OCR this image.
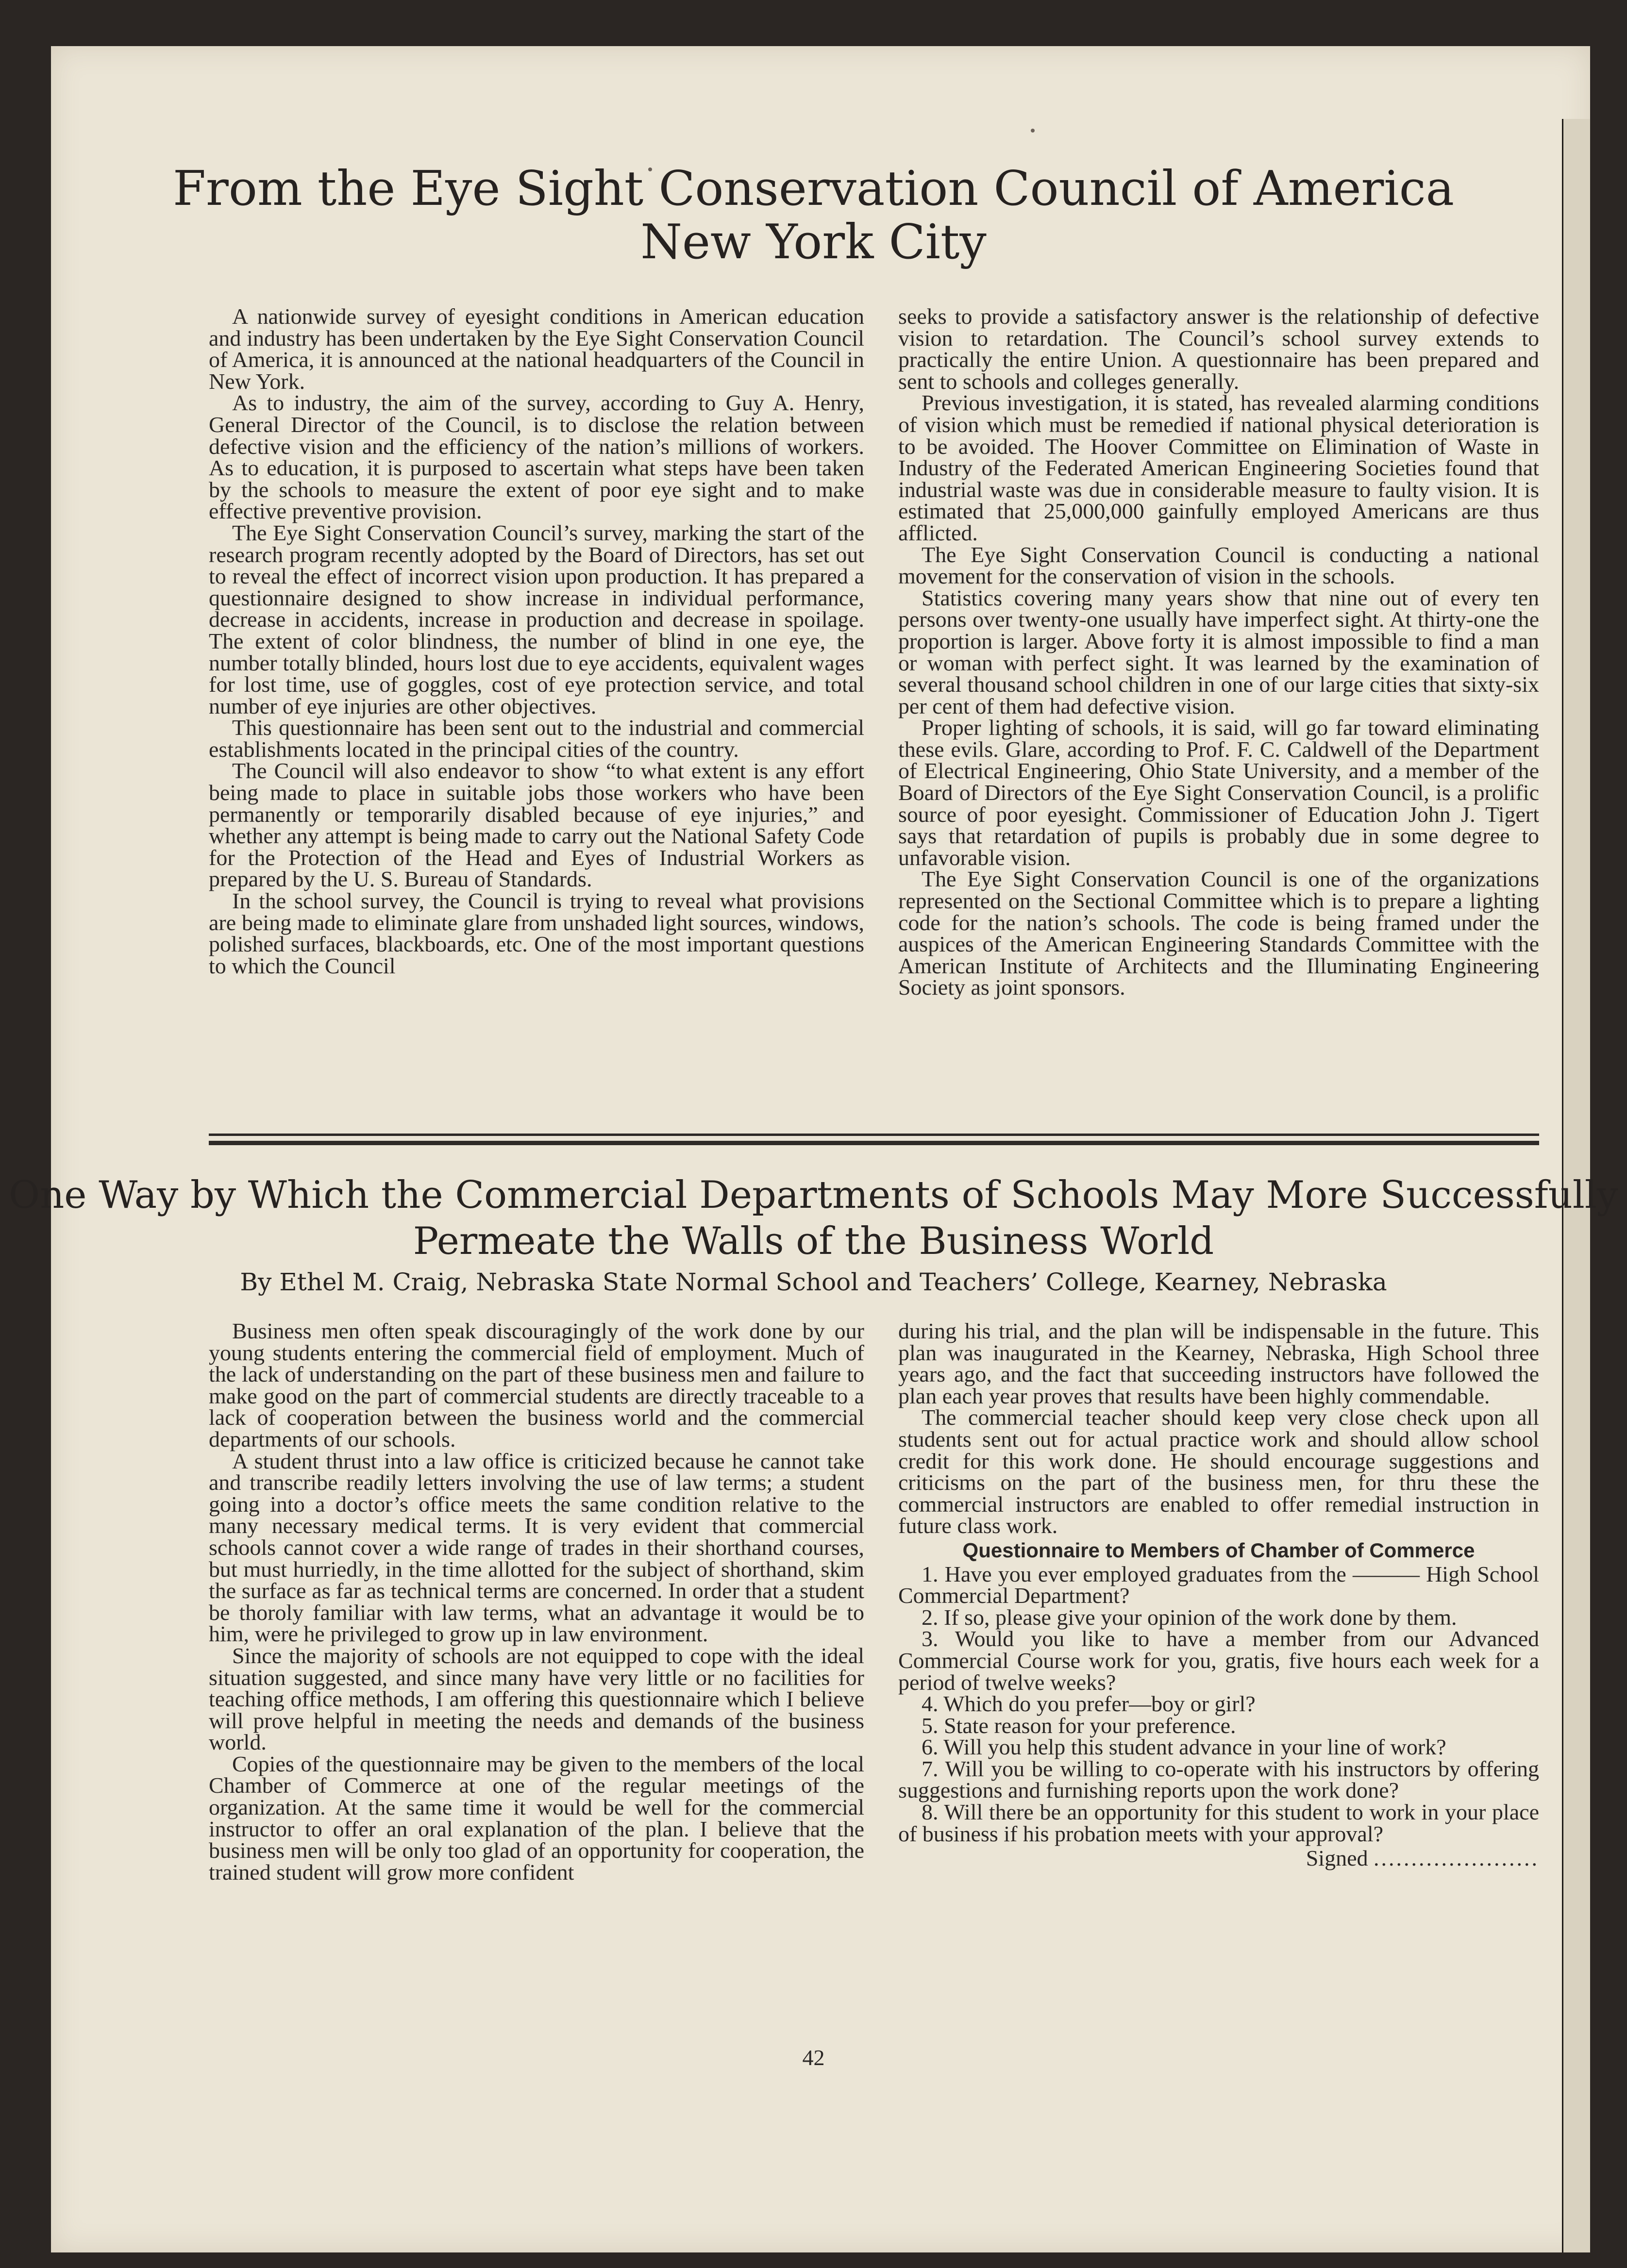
From the Eye Sight Conservation Council of America
New York City

A nationwide survey of eyesight conditions in American education and industry has been undertaken by the Eye Sight Conservation Council of America, it is announced at the national headquarters of the Council in New York.

As to industry, the aim of the survey, according to Guy A. Henry, General Director of the Council, is to disclose the relation between defective vision and the efficiency of the nation’s millions of workers. As to education, it is purposed to ascertain what steps have been taken by the schools to measure the extent of poor eye sight and to make effective preventive provision.

The Eye Sight Conservation Council’s survey, marking the start of the research program recently adopted by the Board of Directors, has set out to reveal the effect of incorrect vision upon production. It has prepared a questionnaire designed to show increase in individual performance, decrease in accidents, increase in production and decrease in spoilage. The extent of color blindness, the number of blind in one eye, the number totally blinded, hours lost due to eye accidents, equivalent wages for lost time, use of goggles, cost of eye protection service, and total number of eye injuries are other objectives.

This questionnaire has been sent out to the industrial and commercial establishments located in the principal cities of the country.

The Council will also endeavor to show “to what extent is any effort being made to place in suitable jobs those workers who have been permanently or temporarily disabled because of eye injuries,” and whether any attempt is being made to carry out the National Safety Code for the Protection of the Head and Eyes of Industrial Workers as prepared by the U. S. Bureau of Standards.

In the school survey, the Council is trying to reveal what provisions are being made to eliminate glare from unshaded light sources, windows, polished surfaces, blackboards, etc. One of the most important questions to which the Council

seeks to provide a satisfactory answer is the relationship of defective vision to retardation. The Council’s school survey extends to practically the entire Union. A questionnaire has been prepared and sent to schools and colleges generally.

Previous investigation, it is stated, has revealed alarming conditions of vision which must be remedied if national physical deterioration is to be avoided. The Hoover Committee on Elimination of Waste in Industry of the Federated American Engineering Societies found that industrial waste was due in considerable measure to faulty vision. It is estimated that 25,000,000 gainfully employed Americans are thus afflicted.

The Eye Sight Conservation Council is conducting a national movement for the conservation of vision in the schools.

Statistics covering many years show that nine out of every ten persons over twenty-one usually have imperfect sight. At thirty-one the proportion is larger. Above forty it is almost impossible to find a man or woman with perfect sight. It was learned by the examination of several thousand school children in one of our large cities that sixty-six per cent of them had defective vision.

Proper lighting of schools, it is said, will go far toward eliminating these evils. Glare, according to Prof. F. C. Caldwell of the Department of Electrical Engineering, Ohio State University, and a member of the Board of Directors of the Eye Sight Conservation Council, is a prolific source of poor eyesight. Commissioner of Education John J. Tigert says that retardation of pupils is probably due in some degree to unfavorable vision.

The Eye Sight Conservation Council is one of the organizations represented on the Sectional Committee which is to prepare a lighting code for the nation’s schools. The code is being framed under the auspices of the American Engineering Standards Committee with the American Institute of Architects and the Illuminating Engineering Society as joint sponsors.

One Way by Which the Commercial Departments of Schools May More Successfully
Permeate the Walls of the Business World
By Ethel M. Craig, Nebraska State Normal School and Teachers’ College, Kearney, Nebraska

Business men often speak discouragingly of the work done by our young students entering the commercial field of employment. Much of the lack of understanding on the part of these business men and failure to make good on the part of commercial students are directly traceable to a lack of cooperation between the business world and the commercial departments of our schools.

A student thrust into a law office is criticized because he cannot take and transcribe readily letters involving the use of law terms; a student going into a doctor’s office meets the same condition relative to the many necessary medical terms. It is very evident that commercial schools cannot cover a wide range of trades in their shorthand courses, but must hurriedly, in the time allotted for the subject of shorthand, skim the surface as far as technical terms are concerned. In order that a student be thoroly familiar with law terms, what an advantage it would be to him, were he privileged to grow up in law environment.

Since the majority of schools are not equipped to cope with the ideal situation suggested, and since many have very little or no facilities for teaching office methods, I am offering this questionnaire which I believe will prove helpful in meeting the needs and demands of the business world.

Copies of the questionnaire may be given to the members of the local Chamber of Commerce at one of the regular meetings of the organization. At the same time it would be well for the commercial instructor to offer an oral explanation of the plan. I believe that the business men will be only too glad of an opportunity for cooperation, the trained student will grow more confident

during his trial, and the plan will be indispensable in the future. This plan was inaugurated in the Kearney, Nebraska, High School three years ago, and the fact that succeeding instructors have followed the plan each year proves that results have been highly commendable.

The commercial teacher should keep very close check upon all students sent out for actual practice work and should allow school credit for this work done. He should encourage suggestions and criticisms on the part of the business men, for thru these the commercial instructors are enabled to offer remedial instruction in future class work.

Questionnaire to Members of Chamber of Commerce

1. Have you ever employed graduates from the ——— High School Commercial Department?

2. If so, please give your opinion of the work done by them.

3. Would you like to have a member from our Advanced Commercial Course work for you, gratis, five hours each week for a period of twelve weeks?

4. Which do you prefer—boy or girl?

5. State reason for your preference.

6. Will you help this student advance in your line of work?

7. Will you be willing to co-operate with his instructors by offering suggestions and furnishing reports upon the work done?

8. Will there be an opportunity for this student to work in your place of business if his probation meets with your approval?

Signed ......................

42
